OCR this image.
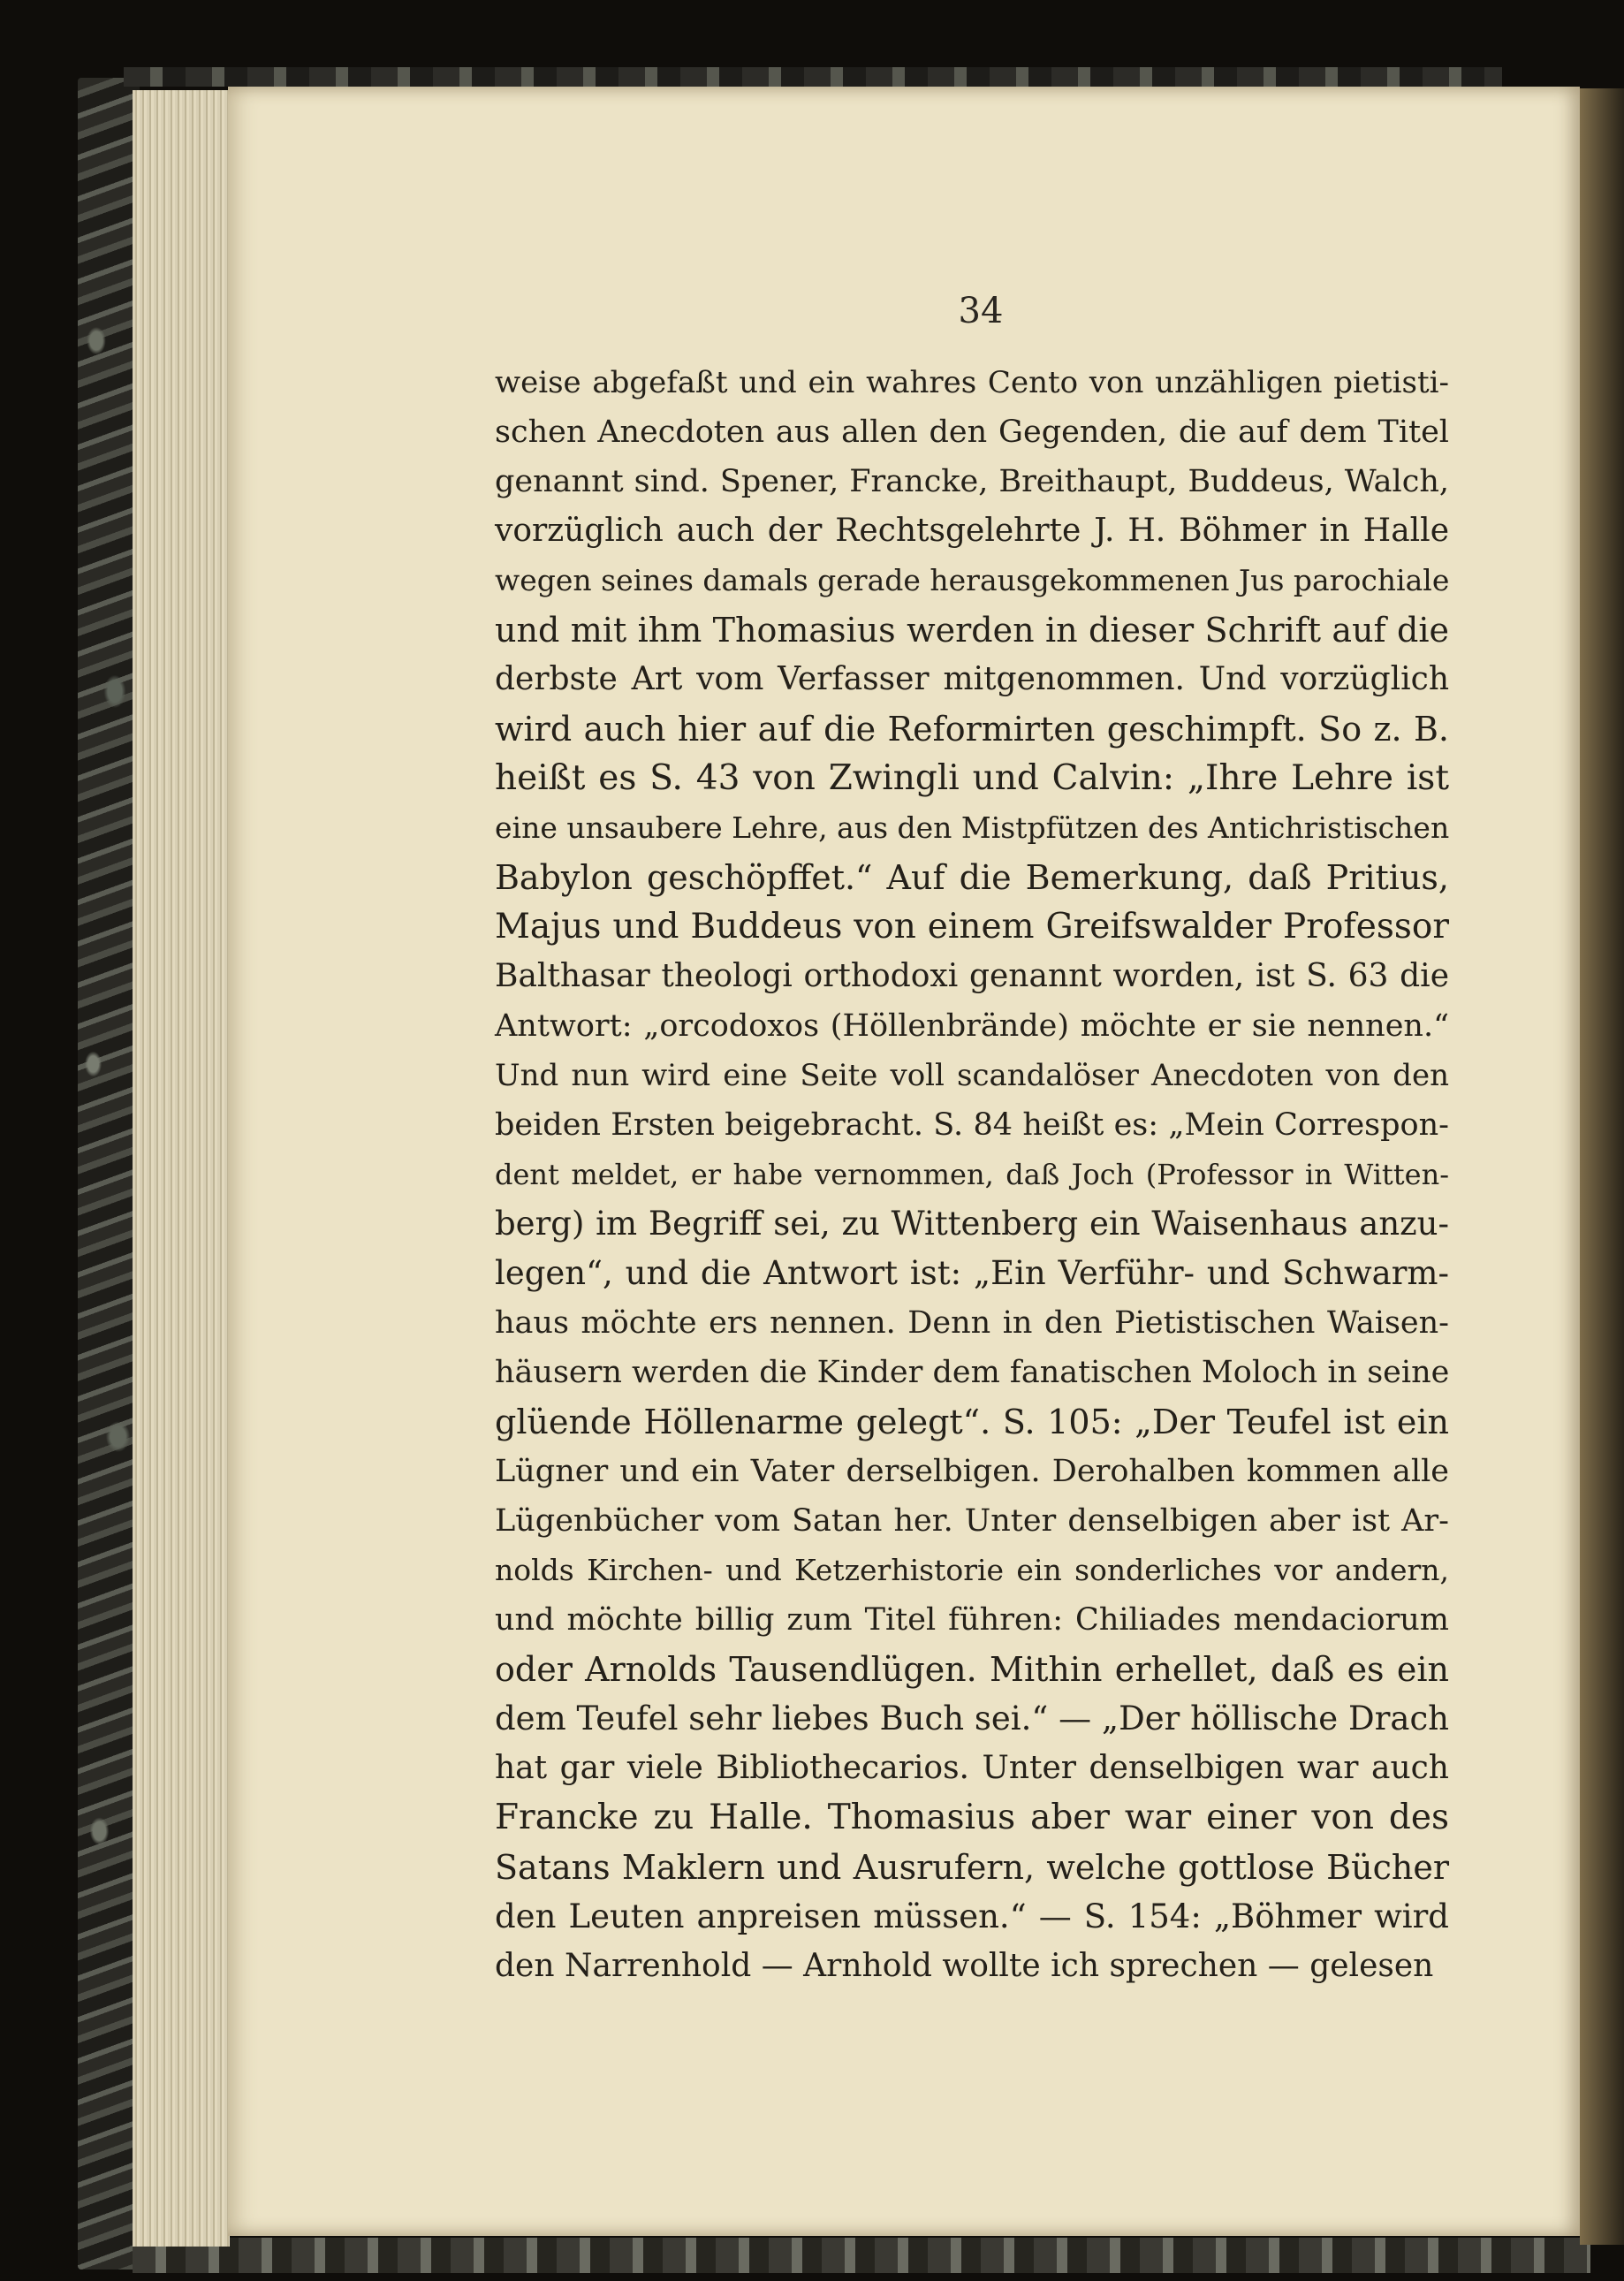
34
weise abgefaßt und ein wahres Cento von unzähligen pietisti-
schen Anecdoten aus allen den Gegenden, die auf dem Titel
genannt sind. Spener, Francke, Breithaupt, Buddeus, Walch,
vorzüglich auch der Rechtsgelehrte J. H. Böhmer in Halle
wegen seines damals gerade herausgekommenen Jus parochiale
und mit ihm Thomasius werden in dieser Schrift auf die
derbste Art vom Verfasser mitgenommen. Und vorzüglich
wird auch hier auf die Reformirten geschimpft. So z. B.
heißt es S. 43 von Zwingli und Calvin: „Ihre Lehre ist
eine unsaubere Lehre, aus den Mistpfützen des Antichristischen
Babylon geschöpffet.“ Auf die Bemerkung, daß Pritius,
Majus und Buddeus von einem Greifswalder Professor
Balthasar theologi orthodoxi genannt worden, ist S. 63 die
Antwort: „orcodoxos (Höllenbrände) möchte er sie nennen.“
Und nun wird eine Seite voll scandalöser Anecdoten von den
beiden Ersten beigebracht. S. 84 heißt es: „Mein Correspon-
dent meldet, er habe vernommen, daß Joch (Professor in Witten-
berg) im Begriff sei, zu Wittenberg ein Waisenhaus anzu-
legen“, und die Antwort ist: „Ein Verführ- und Schwarm-
haus möchte ers nennen. Denn in den Pietistischen Waisen-
häusern werden die Kinder dem fanatischen Moloch in seine
glüende Höllenarme gelegt“. S. 105: „Der Teufel ist ein
Lügner und ein Vater derselbigen. Derohalben kommen alle
Lügenbücher vom Satan her. Unter denselbigen aber ist Ar-
nolds Kirchen- und Ketzerhistorie ein sonderliches vor andern,
und möchte billig zum Titel führen: Chiliades mendaciorum
oder Arnolds Tausendlügen. Mithin erhellet, daß es ein
dem Teufel sehr liebes Buch sei.“ — „Der höllische Drach
hat gar viele Bibliothecarios. Unter denselbigen war auch
Francke zu Halle. Thomasius aber war einer von des
Satans Maklern und Ausrufern, welche gottlose Bücher
den Leuten anpreisen müssen.“ — S. 154: „Böhmer wird
den Narrenhold — Arnhold wollte ich sprechen — gelesen
